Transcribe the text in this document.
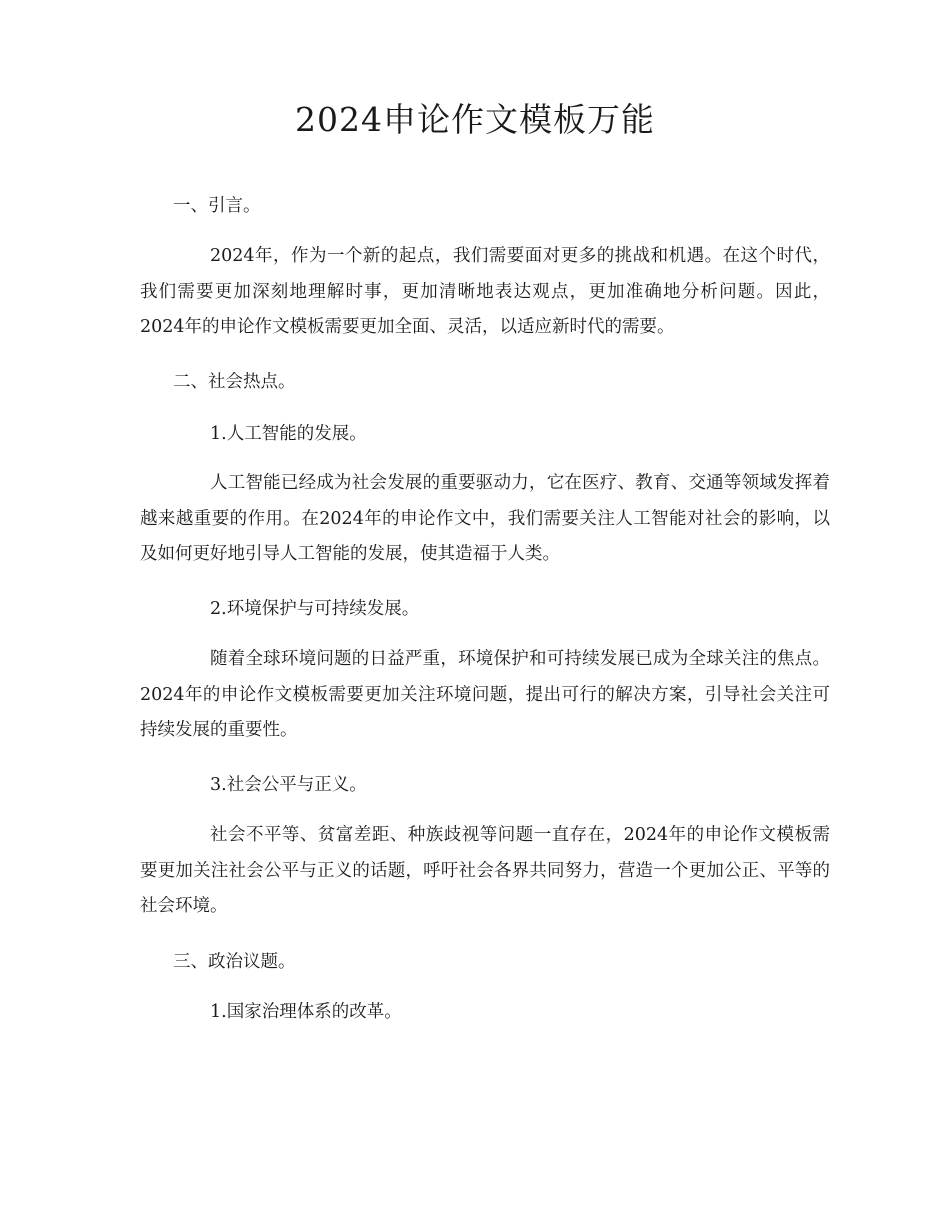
2024申论作文模板万能
一、引言。

2024年，作为一个新的起点，我们需要面对更多的挑战和机遇。在这个时代，我们需要更加深刻地理解时事，更加清晰地表达观点，更加准确地分析问题。因此，2024年的申论作文模板需要更加全面、灵活，以适应新时代的需要。

二、社会热点。
1.人工智能的发展。

人工智能已经成为社会发展的重要驱动力，它在医疗、教育、交通等领域发挥着越来越重要的作用。在2024年的申论作文中，我们需要关注人工智能对社会的影响，以及如何更好地引导人工智能的发展，使其造福于人类。

2.环境保护与可持续发展。

随着全球环境问题的日益严重，环境保护和可持续发展已成为全球关注的焦点。2024年的申论作文模板需要更加关注环境问题，提出可行的解决方案，引导社会关注可持续发展的重要性。

3.社会公平与正义。

社会不平等、贫富差距、种族歧视等问题一直存在，2024年的申论作文模板需要更加关注社会公平与正义的话题，呼吁社会各界共同努力，营造一个更加公正、平等的社会环境。

三、政治议题。
1.国家治理体系的改革。
